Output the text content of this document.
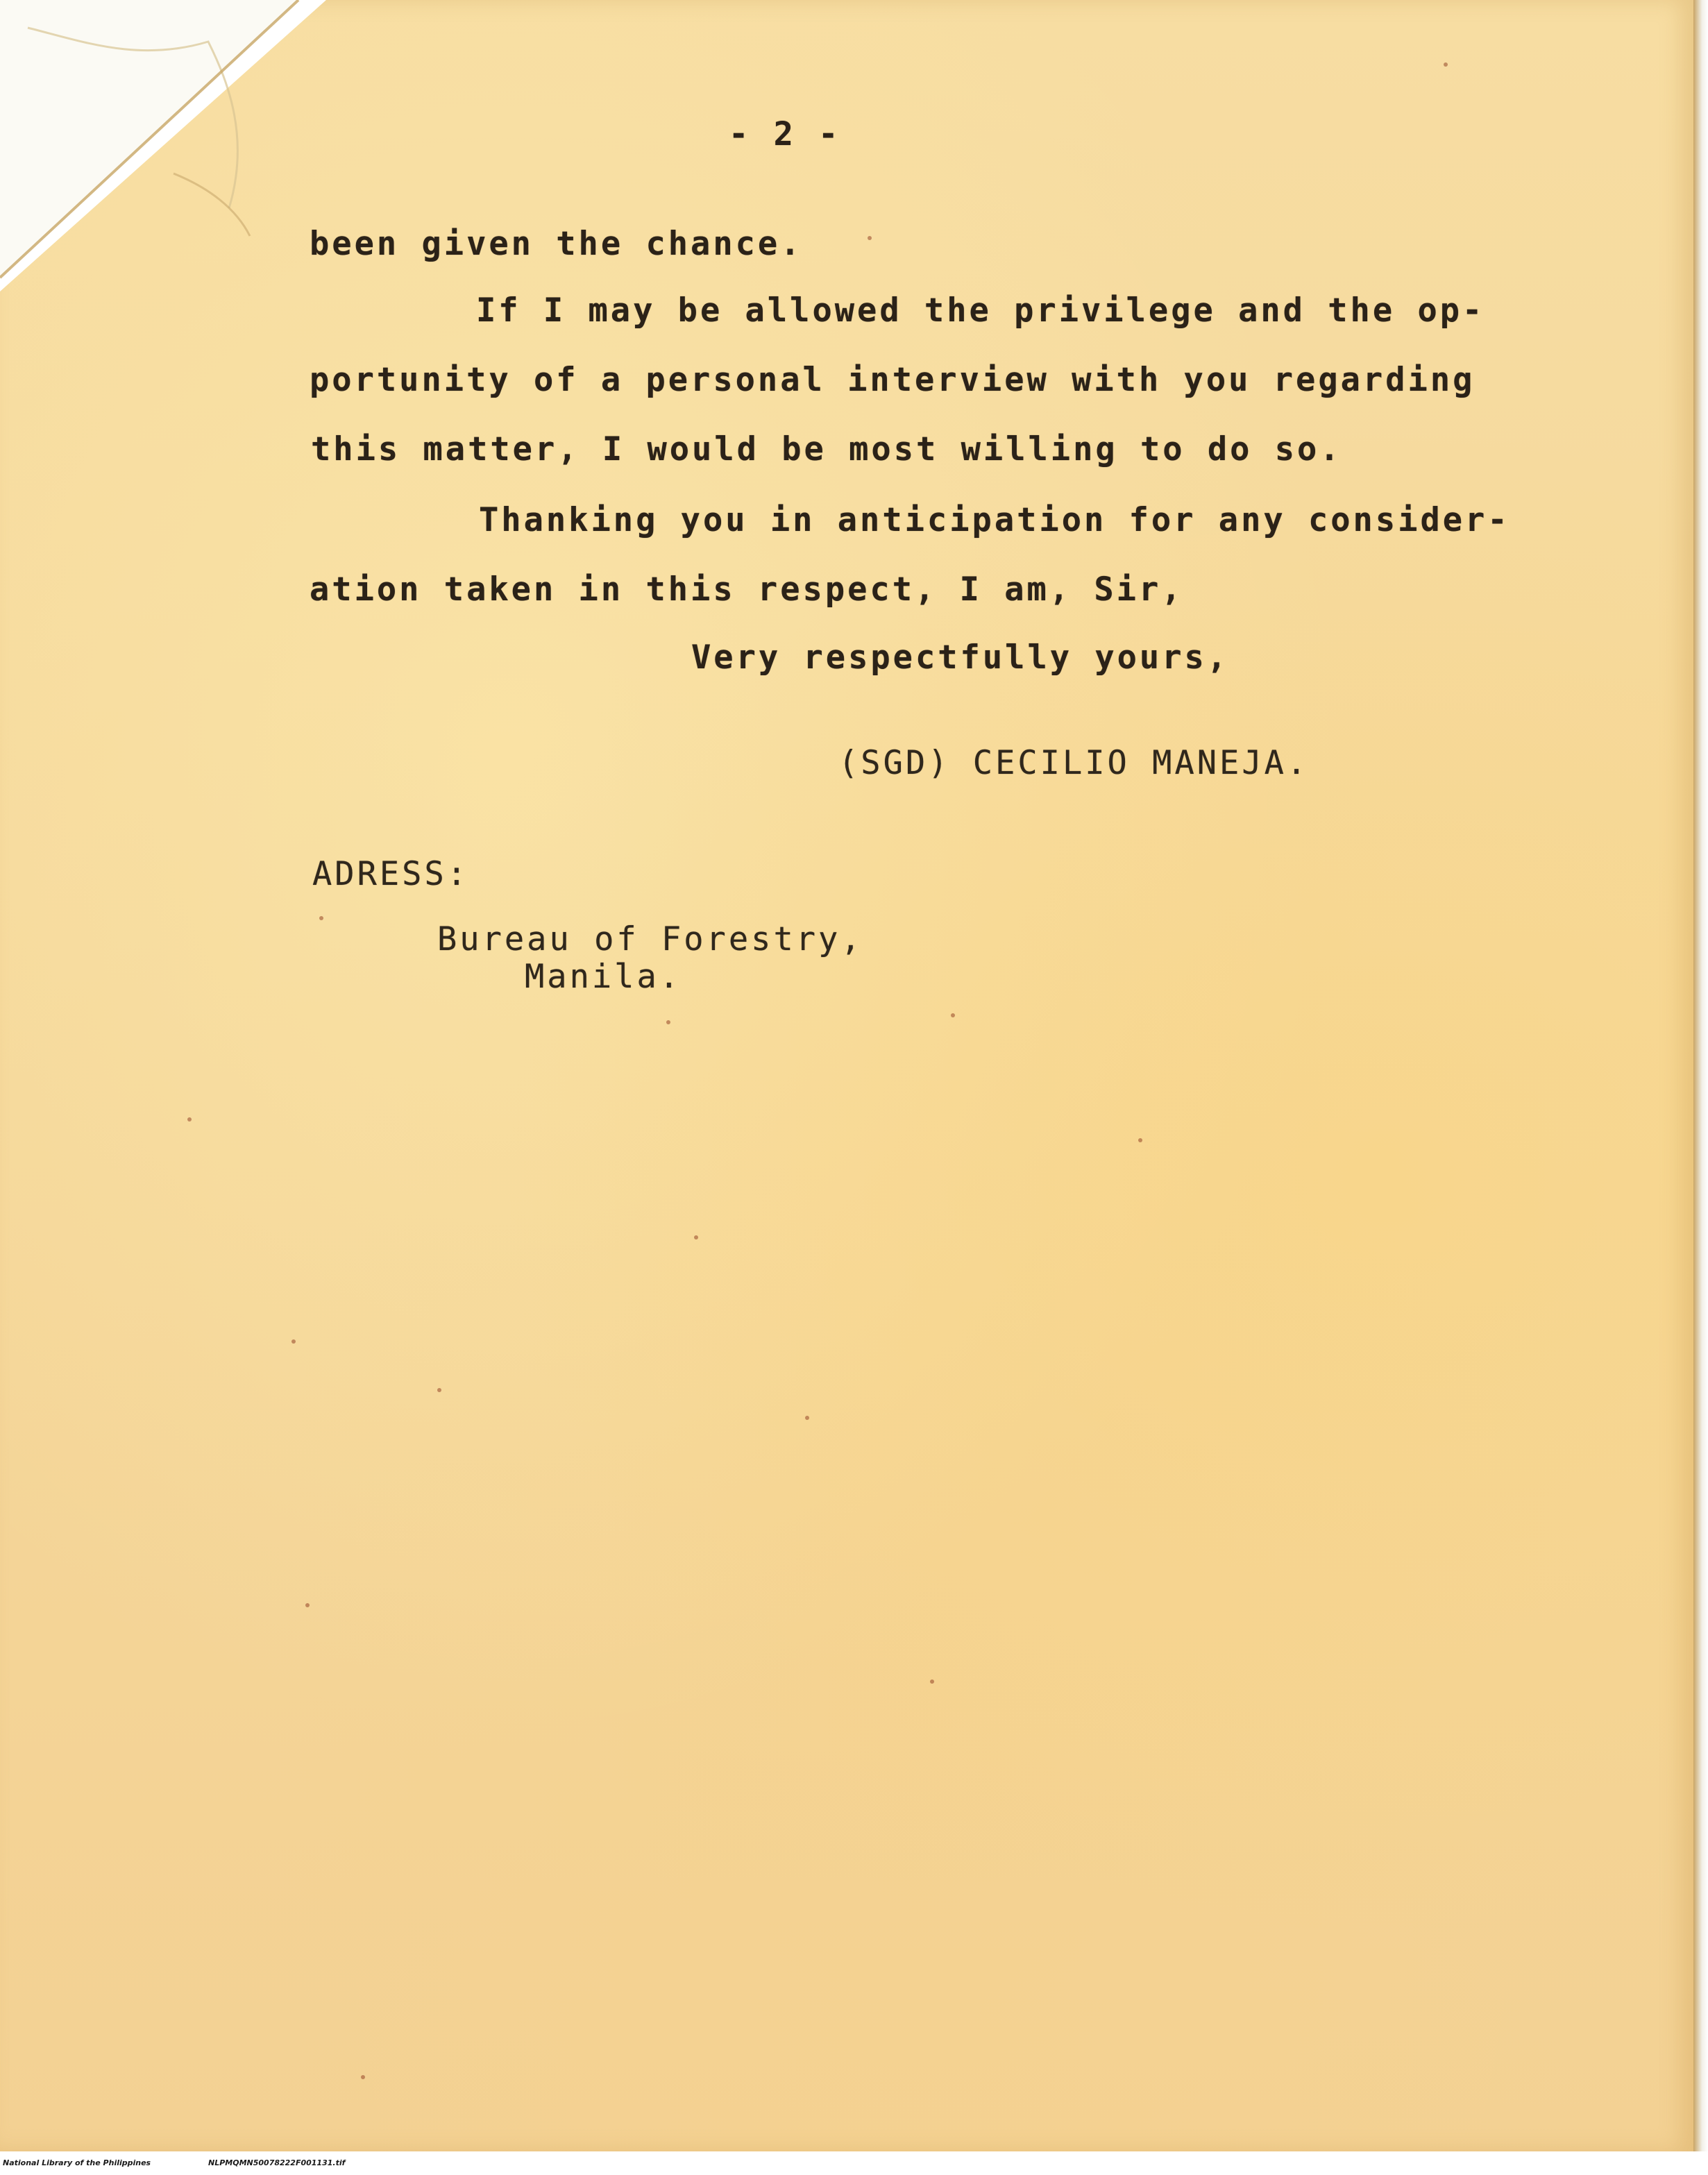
- 2 -
been given the chance.
If I may be allowed the privilege and the op-
portunity of a personal interview with you regarding
this matter, I would be most willing to do so.
Thanking you in anticipation for any consider-
ation taken in this respect, I am, Sir,
Very respectfully yours,
(SGD) CECILIO MANEJA.
ADRESS:
Bureau of Forestry,
Manila.
National Library of the Philippines	NLPMQMN50078222F001131.tif
